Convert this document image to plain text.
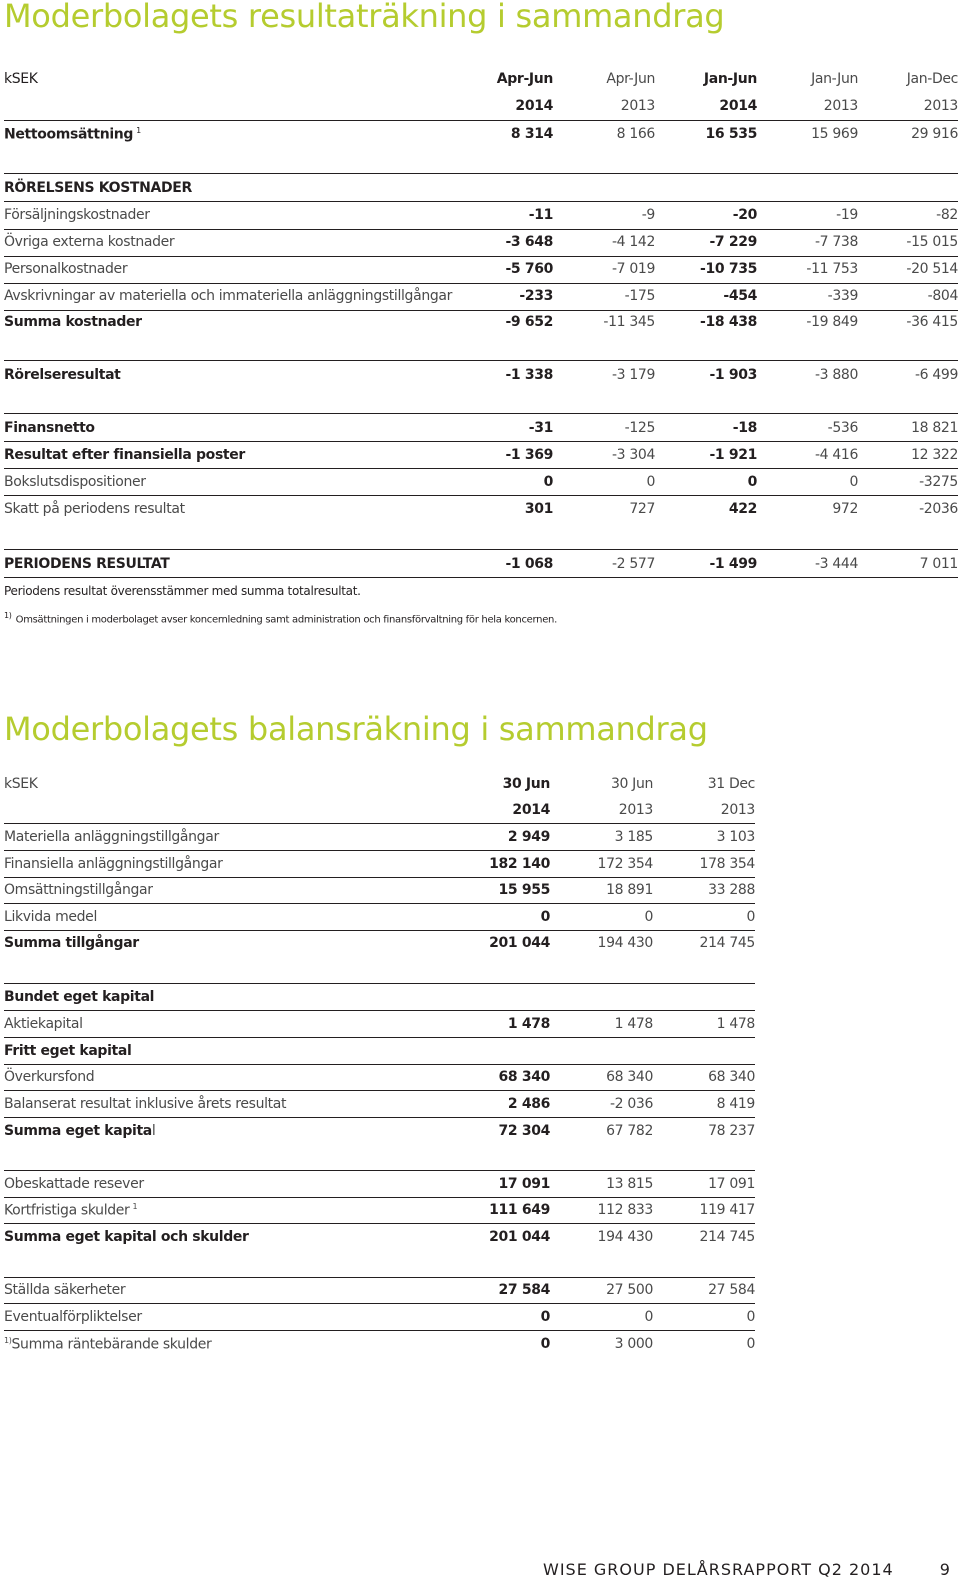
Moderbolagets resultaträkning i sammandrag
kSEK	Apr-Jun	Apr-Jun	Jan-Jun	Jan-Jun	Jan-Dec
2014	2013	2014	2013	2013
Nettoomsättning $^1$	8 314	8 166	16 535	15 969	29 916
RÖRELSENS KOSTNADER
Försäljningskostnader	-11	-9	-20	-19	-82
Övriga externa kostnader	-3 648	-4 142	-7 229	-7 738	-15 015
Personalkostnader	-5 760	-7 019	-10 735	-11 753	-20 514
Avskrivningar av materiella och immateriella anläggningstillgångar	-233	-175	-454	-339	-804
Summa kostnader	-9 652	-11 345	-18 438	-19 849	-36 415
Rörelseresultat	-1 338	-3 179	-1 903	-3 880	-6 499
Finansnetto	-31	-125	-18	-536	18 821
Resultat efter finansiella poster	-1 369	-3 304	-1 921	-4 416	12 322
Bokslutsdispositioner	0	0	0	0	-3275
Skatt på periodens resultat	301	727	422	972	-2036
PERIODENS RESULTAT	-1 068	-2 577	-1 499	-3 444	7 011
Periodens resultat överensstämmer med summa totalresultat.
$^{1)}$ Omsättningen i moderbolaget avser koncernledning samt administration och finansförvaltning för hela koncernen.
Moderbolagets balansräkning i sammandrag
kSEK	30 Jun	30 Jun	31 Dec
2014	2013	2013
Materiella anläggningstillgångar	2 949	3 185	3 103
Finansiella anläggningstillgångar	182 140	172 354	178 354
Omsättningstillgångar	15 955	18 891	33 288
Likvida medel	0	0	0
Summa tillgångar	201 044	194 430	214 745
Bundet eget kapital
Aktiekapital	1 478	1 478	1 478
Fritt eget kapital
Överkursfond	68 340	68 340	68 340
Balanserat resultat inklusive årets resultat	2 486	-2 036	8 419
Summa eget kapital	72 304	67 782	78 237
Obeskattade resever	17 091	13 815	17 091
Kortfristiga skulder $^1$	111 649	112 833	119 417
Summa eget kapital och skulder	201 044	194 430	214 745
Ställda säkerheter	27 584	27 500	27 584
Eventualförpliktelser	0	0	0
$^{1)}$Summa räntebärande skulder	0	3 000	0
WISE GROUP DELÅRSRAPPORT Q2 2014	9
